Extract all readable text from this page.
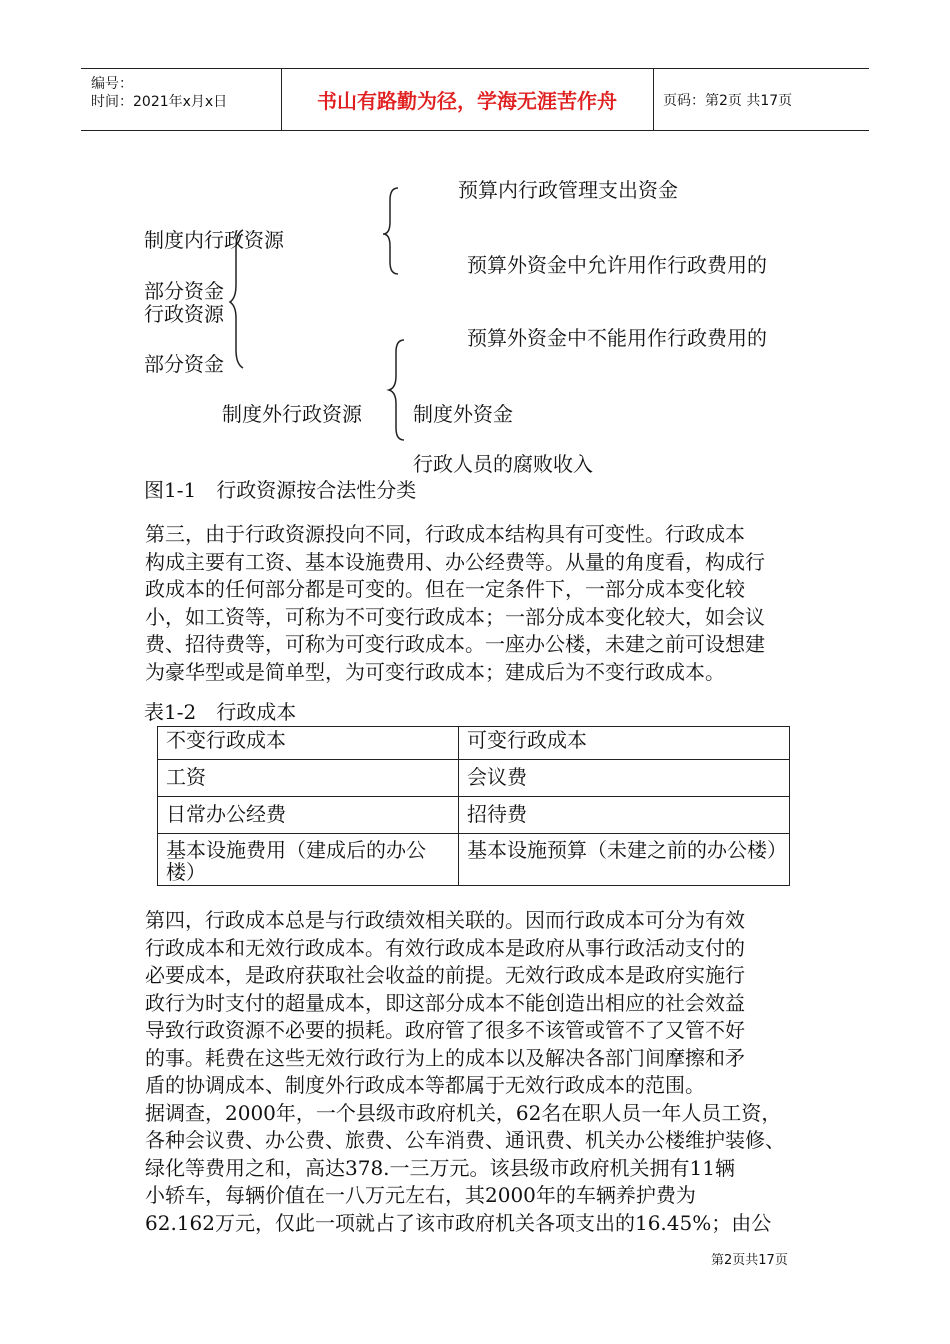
编号：
时间：2021年x月x日	书山有路勤为径，学海无涯苦作舟	页码：第2页 共17页
预算内行政管理支出资金
制度内行政资源
预算外资金中允许用作行政费用的
部分资金
行政资源
预算外资金中不能用作行政费用的
部分资金
制度外行政资源	制度外资金
行政人员的腐败收入
图1-1　行政资源按合法性分类
第三，由于行政资源投向不同，行政成本结构具有可变性。行政成本
构成主要有工资、基本设施费用、办公经费等。从量的角度看，构成行
政成本的任何部分都是可变的。但在一定条件下，一部分成本变化较
小，如工资等，可称为不可变行政成本；一部分成本变化较大，如会议
费、招待费等，可称为可变行政成本。一座办公楼，未建之前可设想建
为豪华型或是简单型，为可变行政成本；建成后为不变行政成本。
表1-2　行政成本
不变行政成本	可变行政成本
工资	会议费
日常办公经费	招待费
基本设施费用（建成后的办公楼）	基本设施预算（未建之前的办公楼）
第四，行政成本总是与行政绩效相关联的。因而行政成本可分为有效
行政成本和无效行政成本。有效行政成本是政府从事行政活动支付的
必要成本，是政府获取社会收益的前提。无效行政成本是政府实施行
政行为时支付的超量成本，即这部分成本不能创造出相应的社会效益
导致行政资源不必要的损耗。政府管了很多不该管或管不了又管不好
的事。耗费在这些无效行政行为上的成本以及解决各部门间摩擦和矛
盾的协调成本、制度外行政成本等都属于无效行政成本的范围。
据调查，2000年，一个县级市政府机关，62名在职人员一年人员工资，
各种会议费、办公费、旅费、公车消费、通讯费、机关办公楼维护装修、
绿化等费用之和，高达378.一三万元。该县级市政府机关拥有11辆
小轿车，每辆价值在一八万元左右，其2000年的车辆养护费为
62.162万元，仅此一项就占了该市政府机关各项支出的16.45%；由公
第2页共17页
